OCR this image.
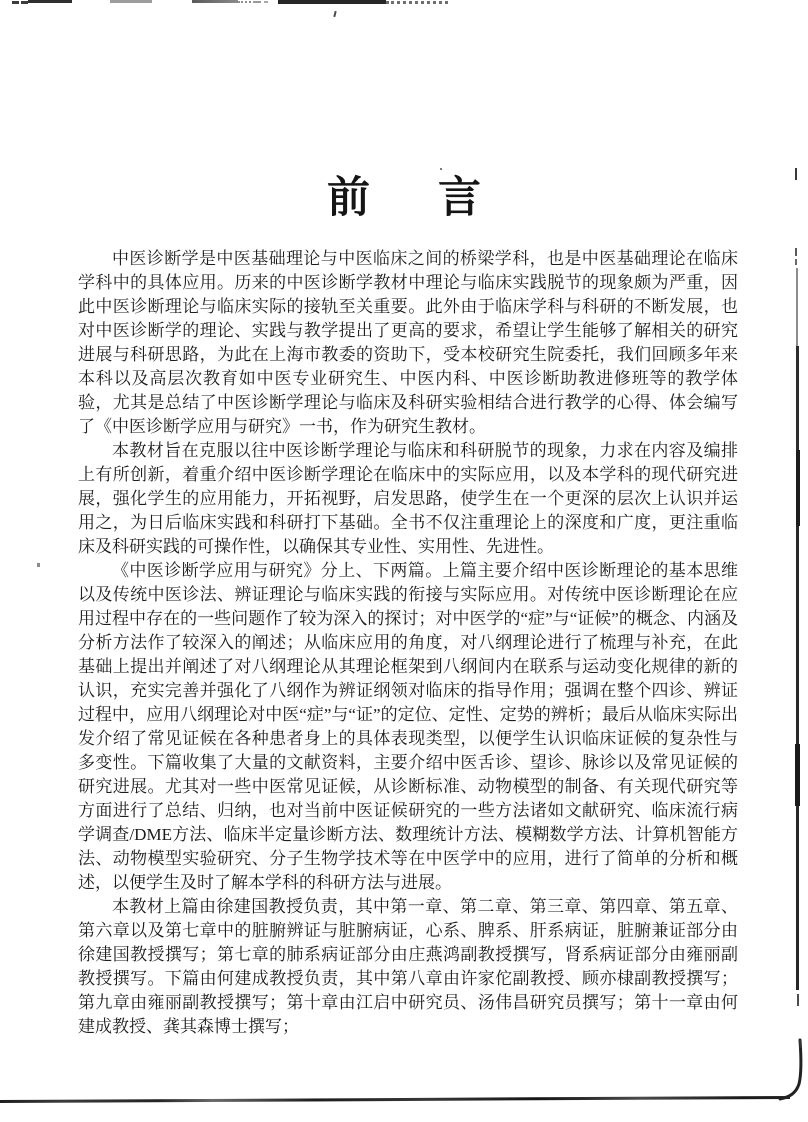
前 言

中医诊断学是中医基础理论与中医临床之间的桥梁学科，也是中医基础理论在临床学科中的具体应用。历来的中医诊断学教材中理论与临床实践脱节的现象颇为严重，因此中医诊断理论与临床实际的接轨至关重要。此外由于临床学科与科研的不断发展，也对中医诊断学的理论、实践与教学提出了更高的要求，希望让学生能够了解相关的研究进展与科研思路，为此在上海市教委的资助下，受本校研究生院委托，我们回顾多年来本科以及高层次教育如中医专业研究生、中医内科、中医诊断助教进修班等的教学体验，尤其是总结了中医诊断学理论与临床及科研实验相结合进行教学的心得、体会编写了《中医诊断学应用与研究》一书，作为研究生教材。

本教材旨在克服以往中医诊断学理论与临床和科研脱节的现象，力求在内容及编排上有所创新，着重介绍中医诊断学理论在临床中的实际应用，以及本学科的现代研究进展，强化学生的应用能力，开拓视野，启发思路，使学生在一个更深的层次上认识并运用之，为日后临床实践和科研打下基础。全书不仅注重理论上的深度和广度，更注重临床及科研实践的可操作性，以确保其专业性、实用性、先进性。

《中医诊断学应用与研究》分上、下两篇。上篇主要介绍中医诊断理论的基本思维以及传统中医诊法、辨证理论与临床实践的衔接与实际应用。对传统中医诊断理论在应用过程中存在的一些问题作了较为深入的探讨；对中医学的“症”与“证候”的概念、内涵及分析方法作了较深入的阐述；从临床应用的角度，对八纲理论进行了梳理与补充，在此基础上提出并阐述了对八纲理论从其理论框架到八纲间内在联系与运动变化规律的新的认识，充实完善并强化了八纲作为辨证纲领对临床的指导作用；强调在整个四诊、辨证过程中，应用八纲理论对中医“症”与“证”的定位、定性、定势的辨析；最后从临床实际出发介绍了常见证候在各种患者身上的具体表现类型，以便学生认识临床证候的复杂性与多变性。下篇收集了大量的文献资料，主要介绍中医舌诊、望诊、脉诊以及常见证候的研究进展。尤其对一些中医常见证候，从诊断标准、动物模型的制备、有关现代研究等方面进行了总结、归纳，也对当前中医证候研究的一些方法诸如文献研究、临床流行病学调查/DME方法、临床半定量诊断方法、数理统计方法、模糊数学方法、计算机智能方法、动物模型实验研究、分子生物学技术等在中医学中的应用，进行了简单的分析和概述，以便学生及时了解本学科的科研方法与进展。

本教材上篇由徐建国教授负责，其中第一章、第二章、第三章、第四章、第五章、第六章以及第七章中的脏腑辨证与脏腑病证，心系、脾系、肝系病证，脏腑兼证部分由徐建国教授撰写；第七章的肺系病证部分由庄燕鸿副教授撰写，肾系病证部分由雍丽副教授撰写。下篇由何建成教授负责，其中第八章由许家佗副教授、顾亦棣副教授撰写；第九章由雍丽副教授撰写；第十章由江启中研究员、汤伟昌研究员撰写；第十一章由何建成教授、龚其森博士撰写；
